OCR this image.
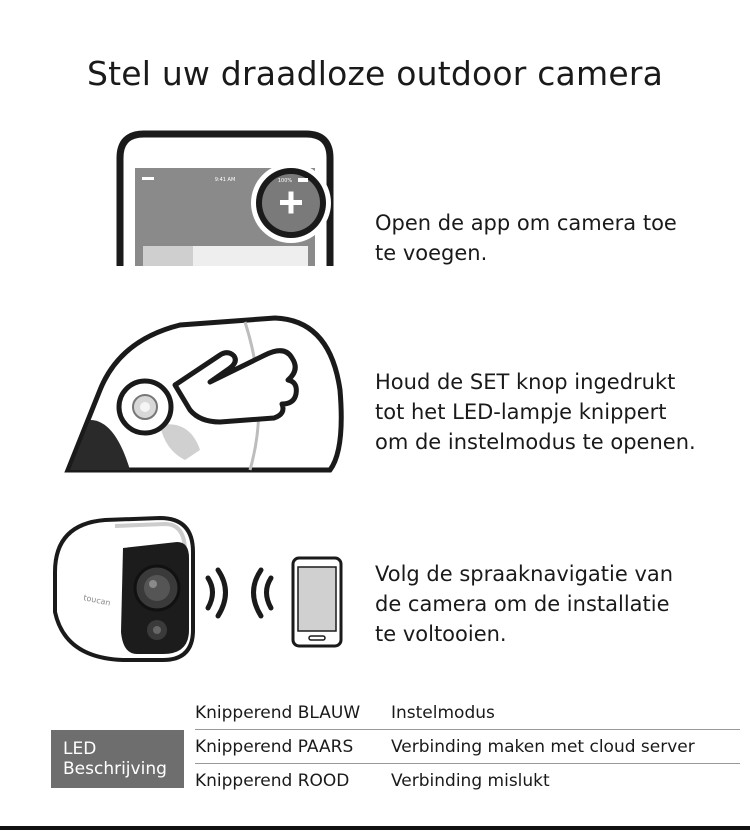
Stel uw draadloze outdoor camera
9:41 AM	100%
Open de app om camera toe
te voegen.
Houd de SET knop ingedrukt
tot het LED-lampje knippert
om de instelmodus te openen.
toucan
Volg de spraaknavigatie van
de camera om de installatie
te voltooien.
LED
Beschrijving
Knipperend BLAUW Instelmodus
Knipperend PAARS Verbinding maken met cloud server
Knipperend ROOD Verbinding mislukt
